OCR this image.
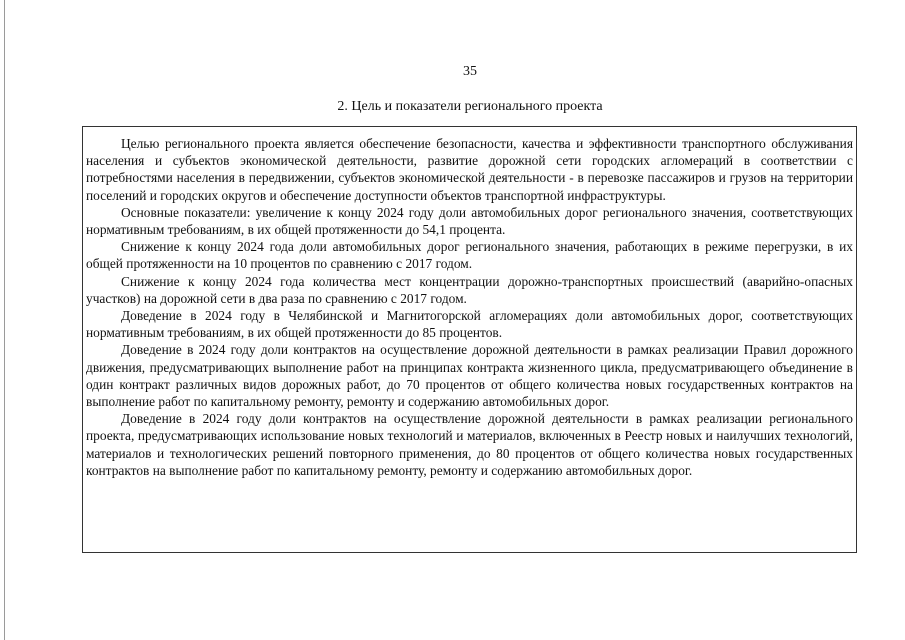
35
2. Цель и показатели регионального проекта

Целью регионального проекта является обеспечение безопасности, качества и эффективности транспортного обслуживания населения и субъектов экономической деятельности, развитие дорожной сети городских агломераций в соответствии с потребностями населения в передвижении, субъектов экономической деятельности - в перевозке пассажиров и грузов на территории поселений и городских округов и обеспечение доступности объектов транспортной инфраструктуры.

Основные показатели: увеличение к концу 2024 году доли автомобильных дорог регионального значения, соответствующих нормативным требованиям, в их общей протяженности до 54,1 процента.

Снижение к концу 2024 года доли автомобильных дорог регионального значения, работающих в режиме перегрузки, в их общей протяженности на 10 процентов по сравнению с 2017 годом.

Снижение к концу 2024 года количества мест концентрации дорожно-транспортных происшествий (аварийно-опасных участков) на дорожной сети в два раза по сравнению с 2017 годом.

Доведение в 2024 году в Челябинской и Магнитогорской агломерациях доли автомобильных дорог, соответствующих нормативным требованиям, в их общей протяженности до 85 процентов.

Доведение в 2024 году доли контрактов на осуществление дорожной деятельности в рамках реализации Правил дорожного движения, предусматривающих выполнение работ на принципах контракта жизненного цикла, предусматривающего объединение в один контракт различных видов дорожных работ, до 70 процентов от общего количества новых государственных контрактов на выполнение работ по капитальному ремонту, ремонту и содержанию автомобильных дорог.

Доведение в 2024 году доли контрактов на осуществление дорожной деятельности в рамках реализации регионального проекта, предусматривающих использование новых технологий и материалов, включенных в Реестр новых и наилучших технологий, материалов и технологических решений повторного применения, до 80 процентов от общего количества новых государственных контрактов на выполнение работ по капитальному ремонту, ремонту и содержанию автомобильных дорог.
